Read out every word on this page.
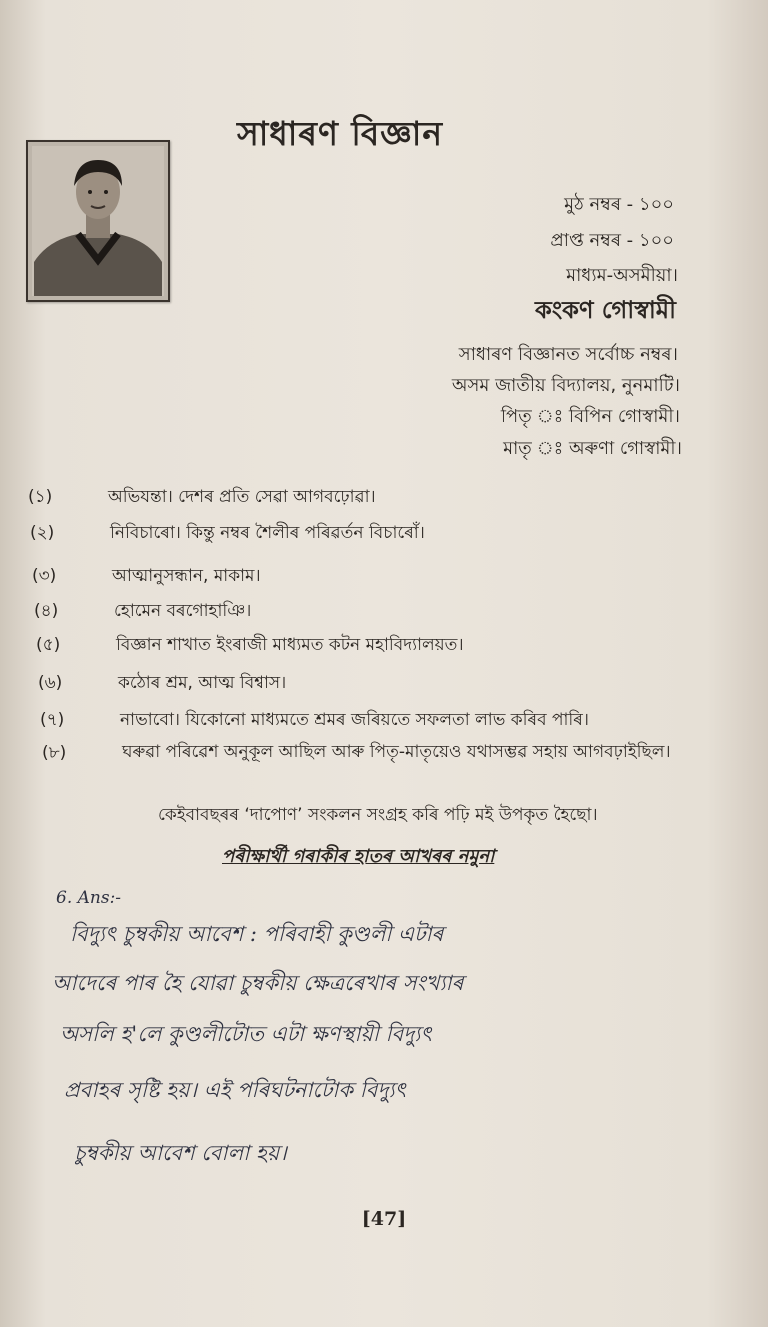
সাধাৰণ বিজ্ঞান
মুঠ নম্বৰ - ১০০
প্ৰাপ্ত নম্বৰ - ১০০
মাধ্যম-অসমীয়া।
কংকণ গোস্বামী
সাধাৰণ বিজ্ঞানত সৰ্বোচ্চ নম্বৰ।
অসম জাতীয় বিদ্যালয়, নুনমাটি।
পিতৃ ঃ বিপিন গোস্বামী।
মাতৃ ঃ অৰুণা গোস্বামী।
(১)	অভিযন্তা। দেশৰ প্ৰতি সেৱা আগবঢ়োৱা।
(২)	নিবিচাৰো। কিন্তু নম্বৰ শৈলীৰ পৰিৱৰ্তন বিচাৰোঁ।
(৩)	আত্মানুসন্ধান, মাকাম।
(৪)	হোমেন বৰগোহাঞি।
(৫)	বিজ্ঞান শাখাত ইংৰাজী মাধ্যমত কটন মহাবিদ্যালয়ত।
(৬)	কঠোৰ শ্ৰম, আত্ম বিশ্বাস।
(৭)	নাভাবো। যিকোনো মাধ্যমতে শ্ৰমৰ জৰিয়তে সফলতা লাভ কৰিব পাৰি।
(৮)	ঘৰুৱা পৰিৱেশ অনুকূল আছিল আৰু পিতৃ-মাতৃয়েও যথাসম্ভৱ সহায় আগবঢ়াইছিল।
কেইবাবছৰৰ ‘দাপোণ’ সংকলন সংগ্ৰহ কৰি পঢ়ি মই উপকৃত হৈছো।
পৰীক্ষাৰ্থী গৰাকীৰ হাতৰ আখৰৰ নমুনা
6. Ans:-
বিদ্যুৎ চুম্বকীয় আবেশ : পৰিবাহী কুণ্ডলী এটাৰ
আদেৰে পাৰ হৈ যোৱা চুম্বকীয় ক্ষেত্ৰৰেখাৰ সংখ্যাৰ
অসলি হ'লে কুণ্ডলীটোত এটা ক্ষণস্থায়ী বিদ্যুৎ
প্ৰবাহৰ সৃষ্টি হয়। এই পৰিঘটনাটোক বিদ্যুৎ
চুম্বকীয় আবেশ বোলা হয়।
[47]
